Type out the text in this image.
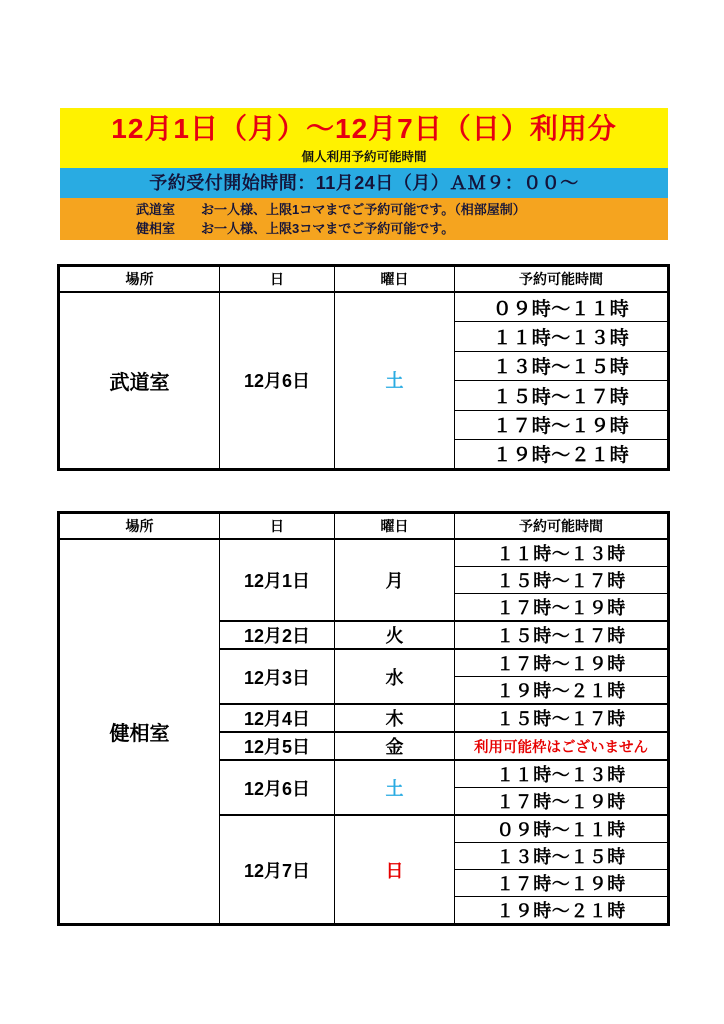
12月1日（月）～12月7日（日）利用分
個人利用予約可能時間
予約受付開始時間：11月24日（月）ＡＭ９：００～
武道室　　お一人様、上限1コマまでご予約可能です。（相部屋制）
健相室　　お一人様、上限3コマまでご予約可能です。
場所	日	曜日	予約可能時間
武道室	12月6日	土	０９時～１１時
			１１時～１３時
			１３時～１５時
			１５時～１７時
			１７時～１９時
			１９時～２１時
場所	日	曜日	予約可能時間
健相室	12月1日	月	１１時～１３時
			１５時～１７時
			１７時～１９時
	12月2日	火	１５時～１７時
	12月3日	水	１７時～１９時
			１９時～２１時
	12月4日	木	１５時～１７時
	12月5日	金	利用可能枠はございません
	12月6日	土	１１時～１３時
			１７時～１９時
	12月7日	日	０９時～１１時
			１３時～１５時
			１７時～１９時
			１９時～２１時
